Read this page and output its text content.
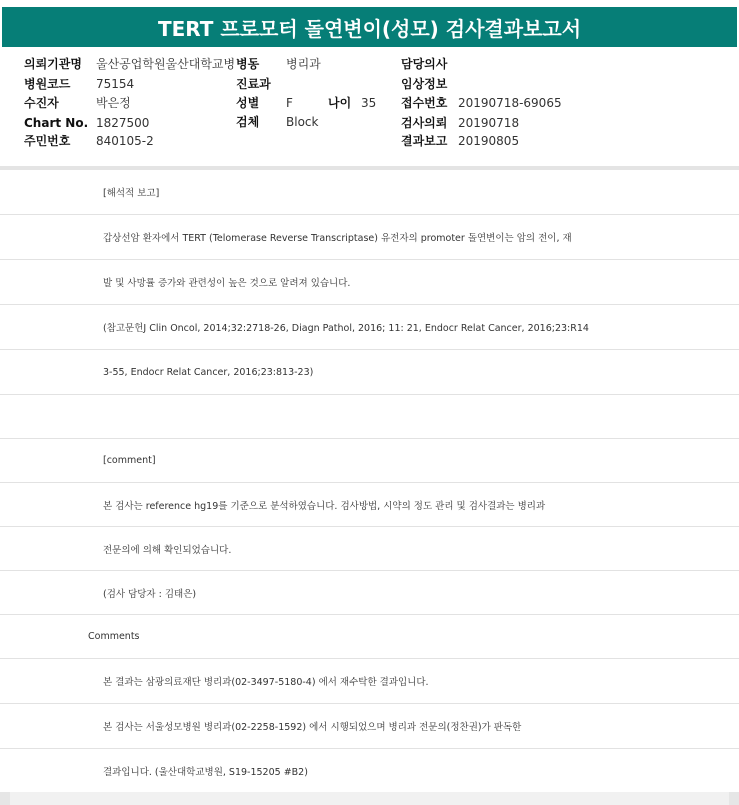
TERT 프로모터 돌연변이(성모) 검사결과보고서
의뢰기관명 울산공업학원울산대학교병 병동 병리과	담당의사
병원코드 75154	진료과	임상정보
수진자	박은정	성별 F	나이 35 접수번호 20190718-69065
Chart No. 1827500	검체 Block	검사의뢰 20190718
주민번호 840105-2	결과보고 20190805
[해석적 보고]
갑상선암 환자에서 TERT (Telomerase Reverse Transcriptase) 유전자의 promoter 돌연변이는 암의 전이, 재
발 및 사망률 증가와 관련성이 높은 것으로 알려져 있습니다.
(참고문헌J Clin Oncol, 2014;32:2718-26, Diagn Pathol, 2016; 11: 21, Endocr Relat Cancer, 2016;23:R14
3-55, Endocr Relat Cancer, 2016;23:813-23)
[comment]
본 검사는 reference hg19를 기준으로 분석하였습니다. 검사방법, 시약의 정도 관리 및 검사결과는 병리과
전문의에 의해 확인되었습니다.
(검사 담당자 : 김태은)
Comments
본 결과는 삼광의료재단 병리과(02-3497-5180-4) 에서 재수탁한 결과입니다.
본 검사는 서울성모병원 병리과(02-2258-1592) 에서 시행되었으며 병리과 전문의(정찬권)가 판독한
결과입니다. (울산대학교병원, S19-15205 #B2)
